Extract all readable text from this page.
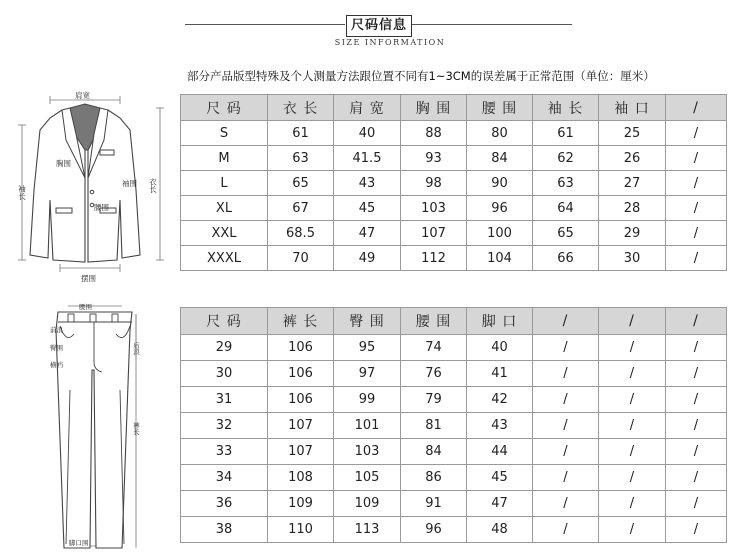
尺码信息
SIZE INFORMATION
部分产品版型特殊及个人测量方法跟位置不同有1~3CM的误差属于正常范围（单位：厘米）
肩宽
胸围
袖围
腰围
摆围
袖长	衣长
腰围
臀围
横裆
前浪
脚口围
后浪
裤长
尺 码	衣 长	肩 宽	胸 围	腰 围	袖 长	袖 口	/
S	61	40	88	80	61	25	/
M	63	41.5	93	84	62	26	/
L	65	43	98	90	63	27	/
XL	67	45	103	96	64	28	/
XXL	68.5	47	107	100	65	29	/
XXXL	70	49	112	104	66	30	/
尺 码	裤 长	臀 围	腰 围	脚 口	/	/	/
29	106	95	74	40	/	/	/
30	106	97	76	41	/	/	/
31	106	99	79	42	/	/	/
32	107	101	81	43	/	/	/
33	107	103	84	44	/	/	/
34	108	105	86	45	/	/	/
36	109	109	91	47	/	/	/
38	110	113	96	48	/	/	/
